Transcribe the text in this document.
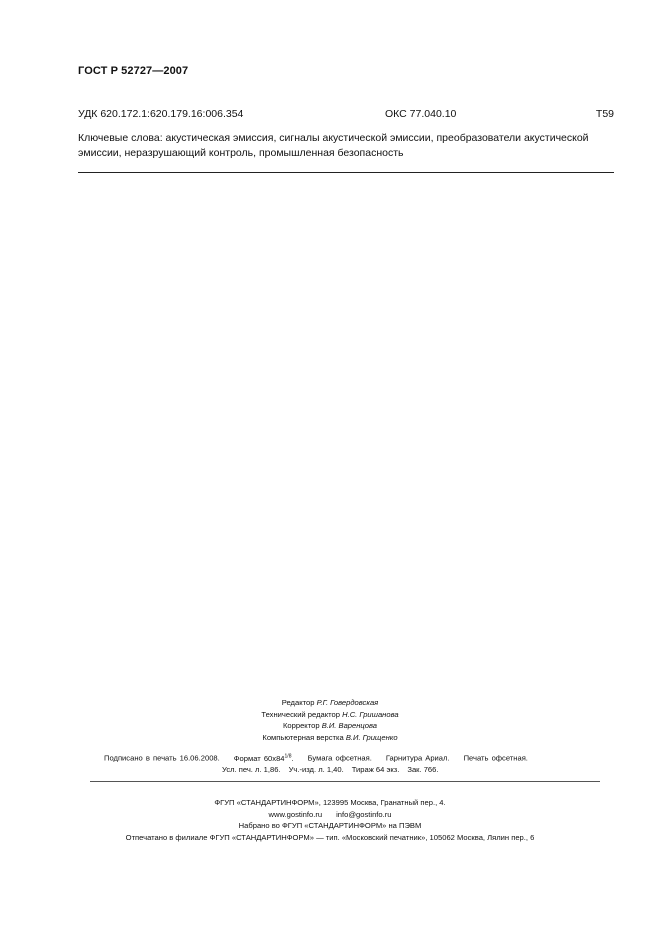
ГОСТ Р 52727—2007
УДК 620.172.1:620.179.16:006.354	ОКС 77.040.10	Т59
Ключевые слова: акустическая эмиссия, сигналы акустической эмиссии, преобразователи акустической эмиссии, неразрушающий контроль, промышленная безопасность
Редактор Р.Г. Говердовская
Технический редактор Н.С. Гришанова
Корректор В.И. Варенцова
Компьютерная верстка В.И. Грищенко
Подписано в печать 16.06.2008. Формат $60x84^{1/8}$. Бумага офсетная. Гарнитура Ариал. Печать офсетная.
Усл. печ. л. 1,86. Уч.-изд. л. 1,40. Тираж 64 экз. Зак. 766.
ФГУП «СТАНДАРТИНФОРМ», 123995 Москва, Гранатный пер., 4.
www.gostinfo.ru info@gostinfo.ru
Набрано во ФГУП «СТАНДАРТИНФОРМ» на ПЭВМ
Отпечатано в филиале ФГУП «СТАНДАРТИНФОРМ» — тип. «Московский печатник», 105062 Москва, Лялин пер., 6
